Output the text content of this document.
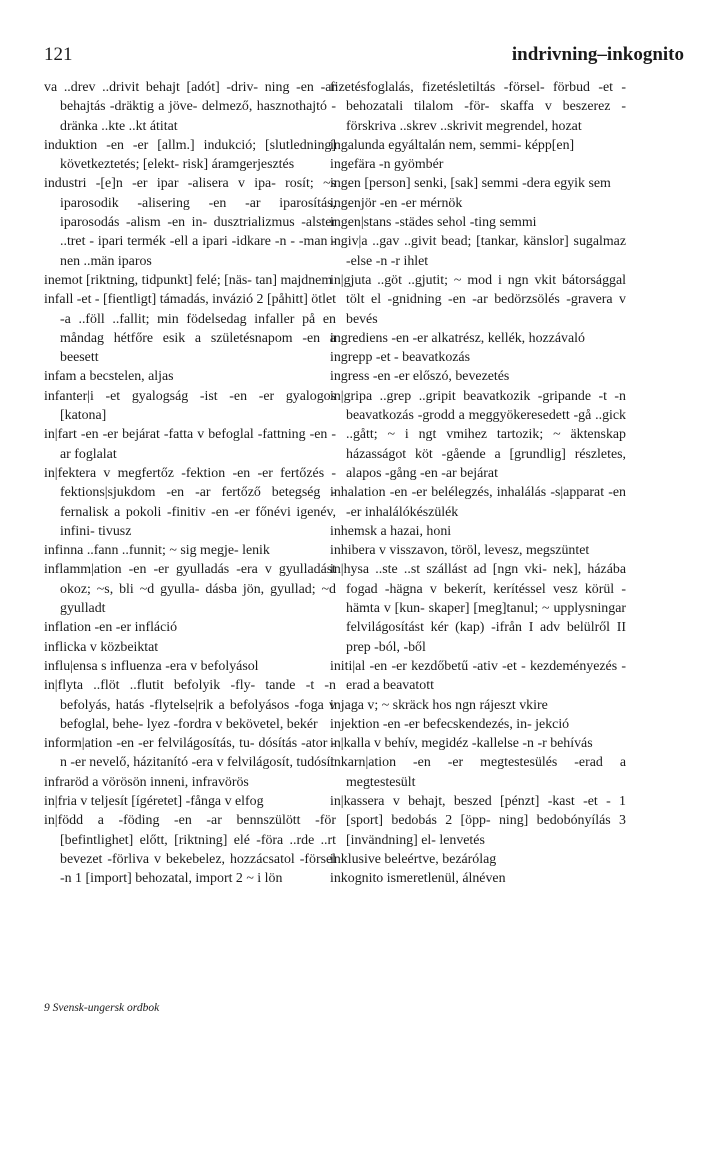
121	indrivning–inkognito

va ..drev ..drivit behajt [adót] -driv- ning -en -ar behajtás -dräktig a jöve- delmező, hasznothajtó -dränka ..kte ..kt átitat

induktion -en -er [allm.] indukció; [slutledning] következtetés; [elekt- risk] áramgerjesztés

industri -[e]n -er ipar -alisera v ipa- rosít; ~s iparosodik -alisering -en -ar iparosítás, iparosodás -alism -en in- dusztrializmus -alster ..tret - ipari termék -ell a ipari -idkare -n - -man -nen ..män iparos

inemot [riktning, tidpunkt] felé; [näs- tan] majdnem

infall -et - [fientligt] támadás, invázió 2 [påhitt] ötlet -a ..föll ..fallit; min födelsedag infaller på en måndag hétfőre esik a születésnapom -en a beesett

infam a becstelen, aljas

infanter|i -et gyalogság -ist -en -er gyalogos [katona]

in|fart -en -er bejárat -fatta v befoglal -fattning -en -ar foglalat

in|fektera v megfertőz -fektion -en -er fertőzés -fektions|sjukdom -en -ar fertőző betegség -fernalisk a pokoli -finitiv -en -er főnévi igenév, infini- tivusz

infinna ..fann ..funnit; ~ sig megje- lenik

inflamm|ation -en -er gyulladás -era v gyulladást okoz; ~s, bli ~d gyulla- dásba jön, gyullad; ~d gyulladt

inflation -en -er infláció

inflicka v közbeiktat

influ|ensa s influenza -era v befolyásol

in|flyta ..flöt ..flutit befolyik -fly- tande -t -n befolyás, hatás -flytelse|rik a befolyásos -foga v befoglal, behe- lyez -fordra v bekövetel, bekér

inform|ation -en -er felvilágosítás, tu- dósítás -ator -n -er nevelő, házitanító -era v felvilágosít, tudósít

infraröd a vörösön inneni, infravörös

in|fria v teljesít [ígéretet] -fånga v elfog

in|född a -föding -en -ar bennszülött -för [befintlighet] előtt, [riktning] elé -föra ..rde ..rt bevezet -förliva v bekebelez, hozzácsatol -försel -n 1 [import] behozatal, import 2 ~ i lön

fizetésfoglalás, fizetésletiltás -försel- förbud -et - behozatali tilalom -för- skaffa v beszerez -förskriva ..skrev ..skrivit megrendel, hozat

ingalunda egyáltalán nem, semmi- képp[en]

ingefära -n gyömbér

ingen [person] senki, [sak] semmi -dera egyik sem

ingenjör -en -er mérnök

ingen|stans -städes sehol -ting semmi

ingiv|a ..gav ..givit bead; [tankar, känslor] sugalmaz -else -n -r ihlet

in|gjuta ..göt ..gjutit; ~ mod i ngn vkit bátorsággal tölt el -gnidning -en -ar bedörzsölés -gravera v bevés

ingrediens -en -er alkatrész, kellék, hozzávaló

ingrepp -et - beavatkozás

ingress -en -er előszó, bevezetés

in|gripa ..grep ..gripit beavatkozik -gripande -t -n beavatkozás -grodd a meggyökeresedett -gå ..gick ..gått; ~ i ngt vmihez tartozik; ~ äktenskap házasságot köt -gående a [grundlig] részletes, alapos -gång -en -ar bejárat

inhalation -en -er belélegzés, inhalálás -s|apparat -en -er inhalálókészülék

inhemsk a hazai, honi

inhibera v visszavon, töröl, levesz, megszüntet

in|hysa ..ste ..st szállást ad [ngn vki- nek], házába fogad -hägna v bekerít, kerítéssel vesz körül -hämta v [kun- skaper] [meg]tanul; ~ upplysningar felvilágosítást kér (kap) -ifrån I adv belülről II prep -ból, -ből

initi|al -en -er kezdőbetű -ativ -et - kezdeményezés -erad a beavatott

injaga v; ~ skräck hos ngn rájeszt vkire

injektion -en -er befecskendezés, in- jekció

in|kalla v behív, megidéz -kallelse -n -r behívás

inkarn|ation -en -er megtestesülés -erad a megtestesült

in|kassera v behajt, beszed [pénzt] -kast -et - 1 [sport] bedobás 2 [öpp- ning] bedobónyílás 3 [invändning] el- lenvetés

inklusive beleértve, bezárólag

inkognito ismeretlenül, álnéven

9 Svensk-ungersk ordbok
